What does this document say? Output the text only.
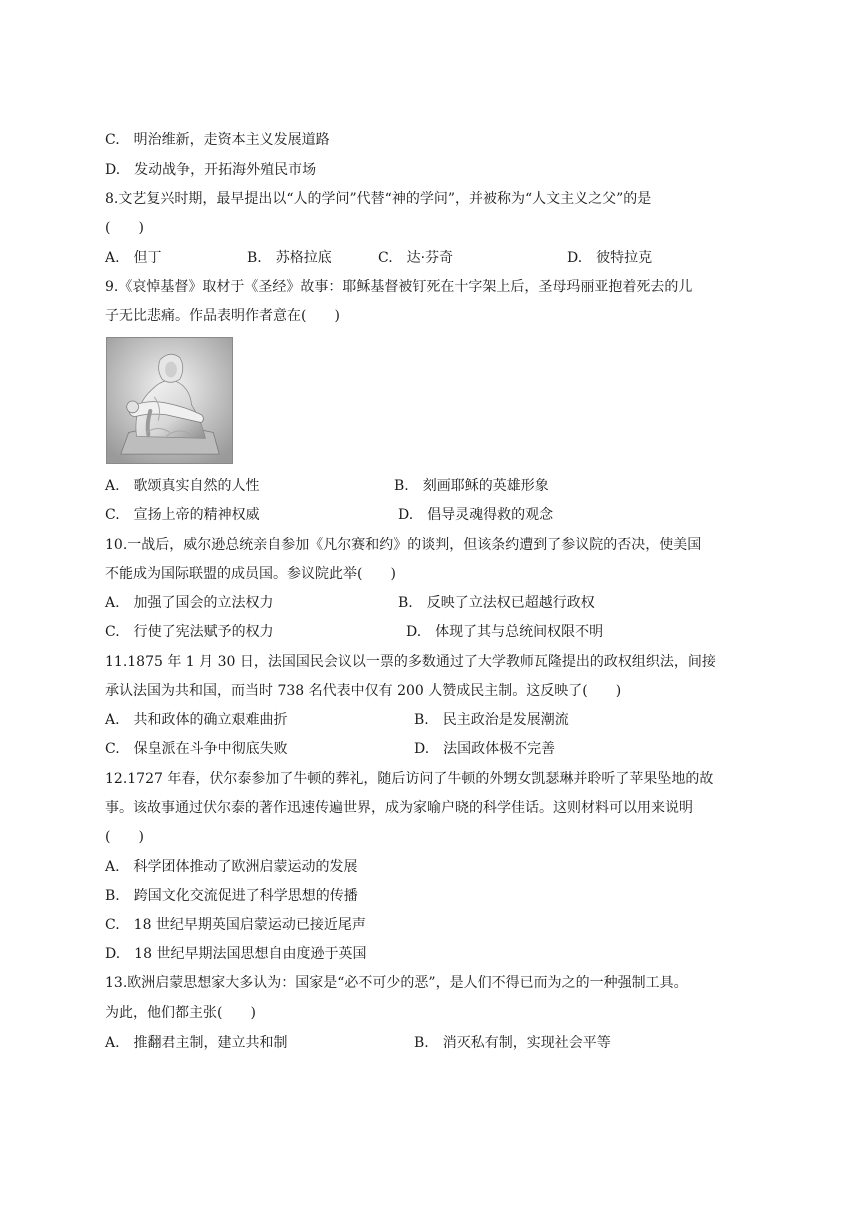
C.　明治维新，走资本主义发展道路
D.　发动战争，开拓海外殖民市场
8.文艺复兴时期，最早提出以“人的学问”代替“神的学问”，并被称为“人文主义之父”的是
(　　)
A.　但丁	B.　苏格拉底	C.　达·芬奇	D.　彼特拉克
9.《哀悼基督》取材于《圣经》故事：耶稣基督被钉死在十字架上后，圣母玛丽亚抱着死去的儿
子无比悲痛。作品表明作者意在(　　)
A.　歌颂真实自然的人性	B.　刻画耶稣的英雄形象
C.　宣扬上帝的精神权威	D.　倡导灵魂得救的观念
10.一战后，威尔逊总统亲自参加《凡尔赛和约》的谈判，但该条约遭到了参议院的否决，使美国
不能成为国际联盟的成员国。参议院此举(　　)
A.　加强了国会的立法权力	B.　反映了立法权已超越行政权
C.　行使了宪法赋予的权力	D.　体现了其与总统间权限不明
11.1875 年 1 月 30 日，法国国民会议以一票的多数通过了大学教师瓦隆提出的政权组织法，间接
承认法国为共和国，而当时 738 名代表中仅有 200 人赞成民主制。这反映了(　　)
A.　共和政体的确立艰难曲折	B.　民主政治是发展潮流
C.　保皇派在斗争中彻底失败	D.　法国政体极不完善
12.1727 年春，伏尔泰参加了牛顿的葬礼，随后访问了牛顿的外甥女凯瑟琳并聆听了苹果坠地的故
事。该故事通过伏尔泰的著作迅速传遍世界，成为家喻户晓的科学佳话。这则材料可以用来说明
(　　)
A.　科学团体推动了欧洲启蒙运动的发展
B.　跨国文化交流促进了科学思想的传播
C.　18 世纪早期英国启蒙运动已接近尾声
D.　18 世纪早期法国思想自由度逊于英国
13.欧洲启蒙思想家大多认为：国家是“必不可少的恶”，是人们不得已而为之的一种强制工具。
为此，他们都主张(　　)
A.　推翻君主制，建立共和制	B.　消灭私有制，实现社会平等
